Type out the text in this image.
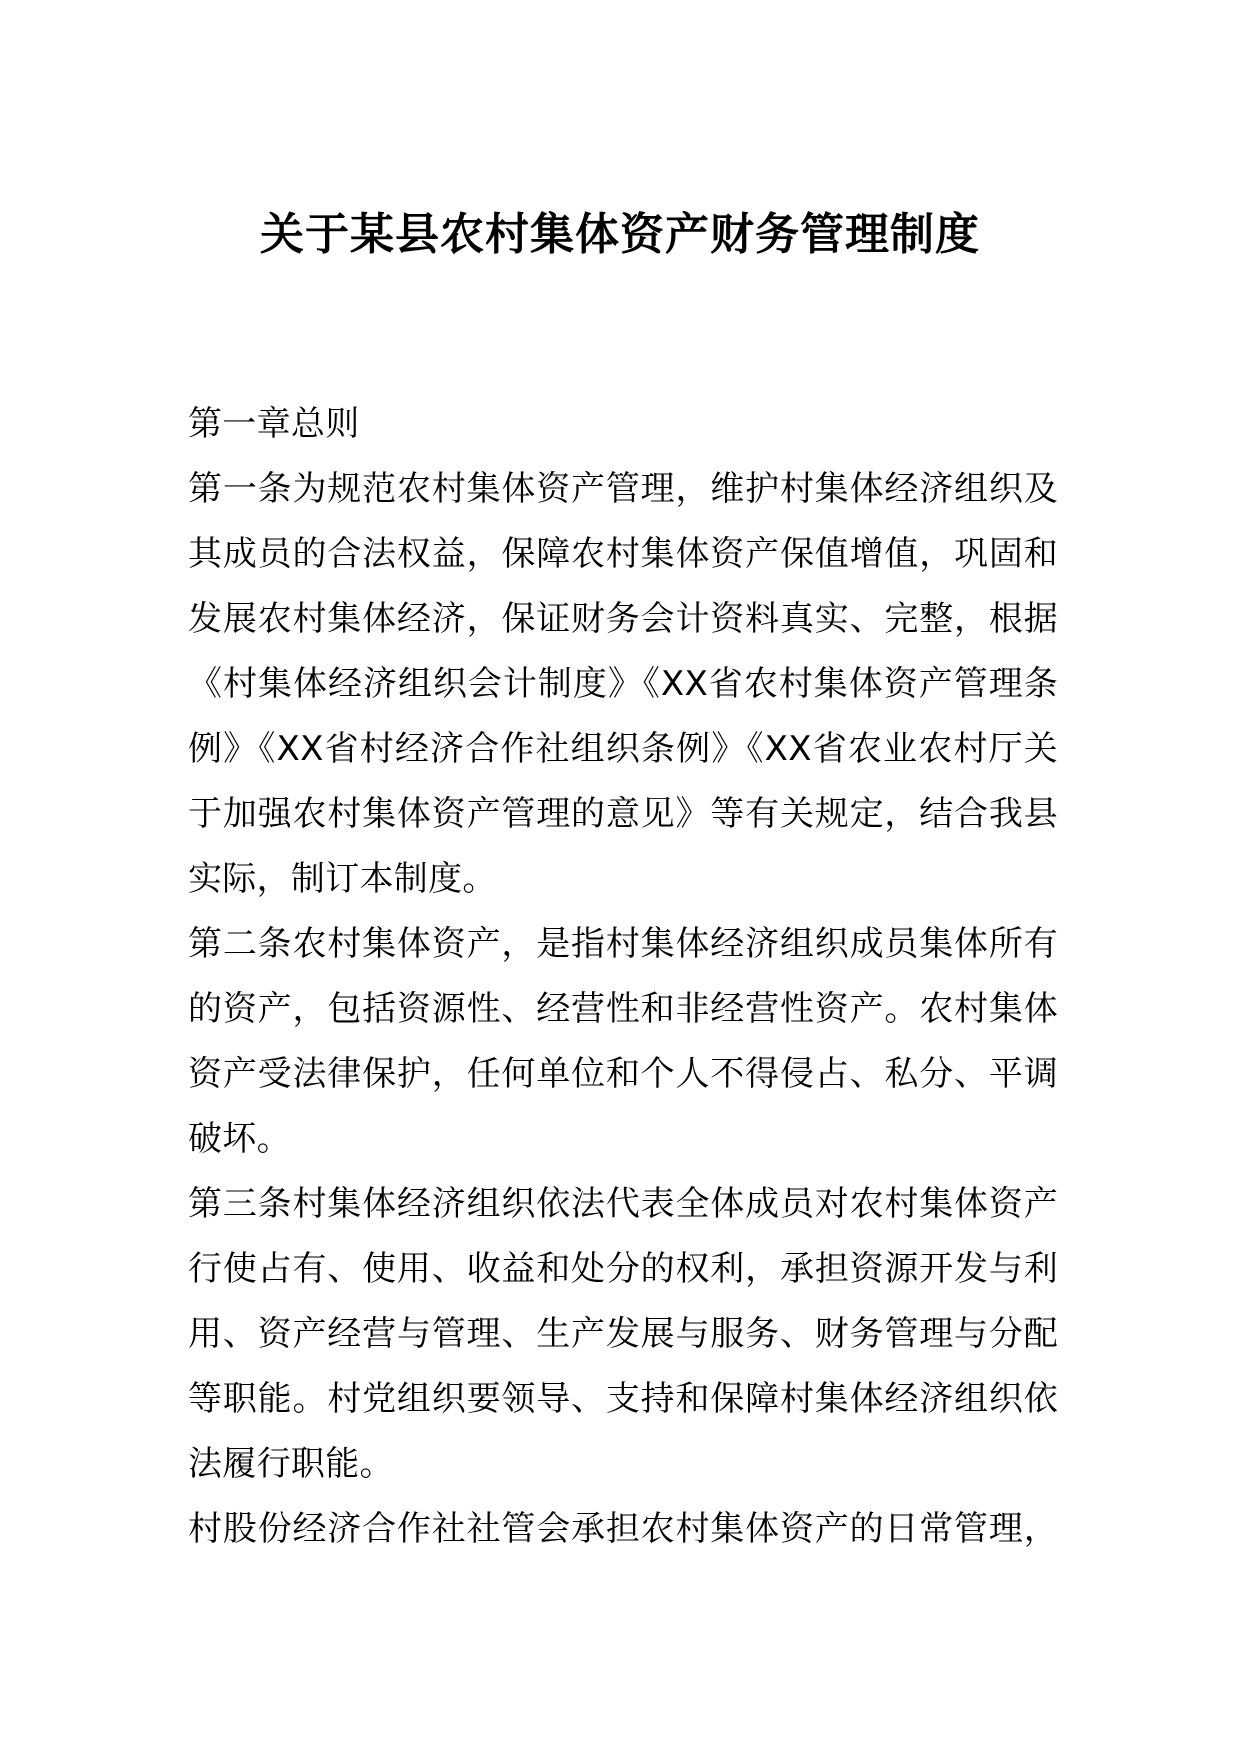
关于某县农村集体资产财务管理制度
第一章总则
第一条为规范农村集体资产管理，维护村集体经济组织及
其成员的合法权益，保障农村集体资产保值增值，巩固和
发展农村集体经济，保证财务会计资料真实、完整，根据
《村集体经济组织会计制度》《XX省农村集体资产管理条
例》《XX省村经济合作社组织条例》《XX省农业农村厅关
于加强农村集体资产管理的意见》等有关规定，结合我县
实际，制订本制度。
第二条农村集体资产，是指村集体经济组织成员集体所有
的资产，包括资源性、经营性和非经营性资产。农村集体
资产受法律保护，任何单位和个人不得侵占、私分、平调
破坏。
第三条村集体经济组织依法代表全体成员对农村集体资产
行使占有、使用、收益和处分的权利，承担资源开发与利
用、资产经营与管理、生产发展与服务、财务管理与分配
等职能。村党组织要领导、支持和保障村集体经济组织依
法履行职能。
村股份经济合作社社管会承担农村集体资产的日常管理，
